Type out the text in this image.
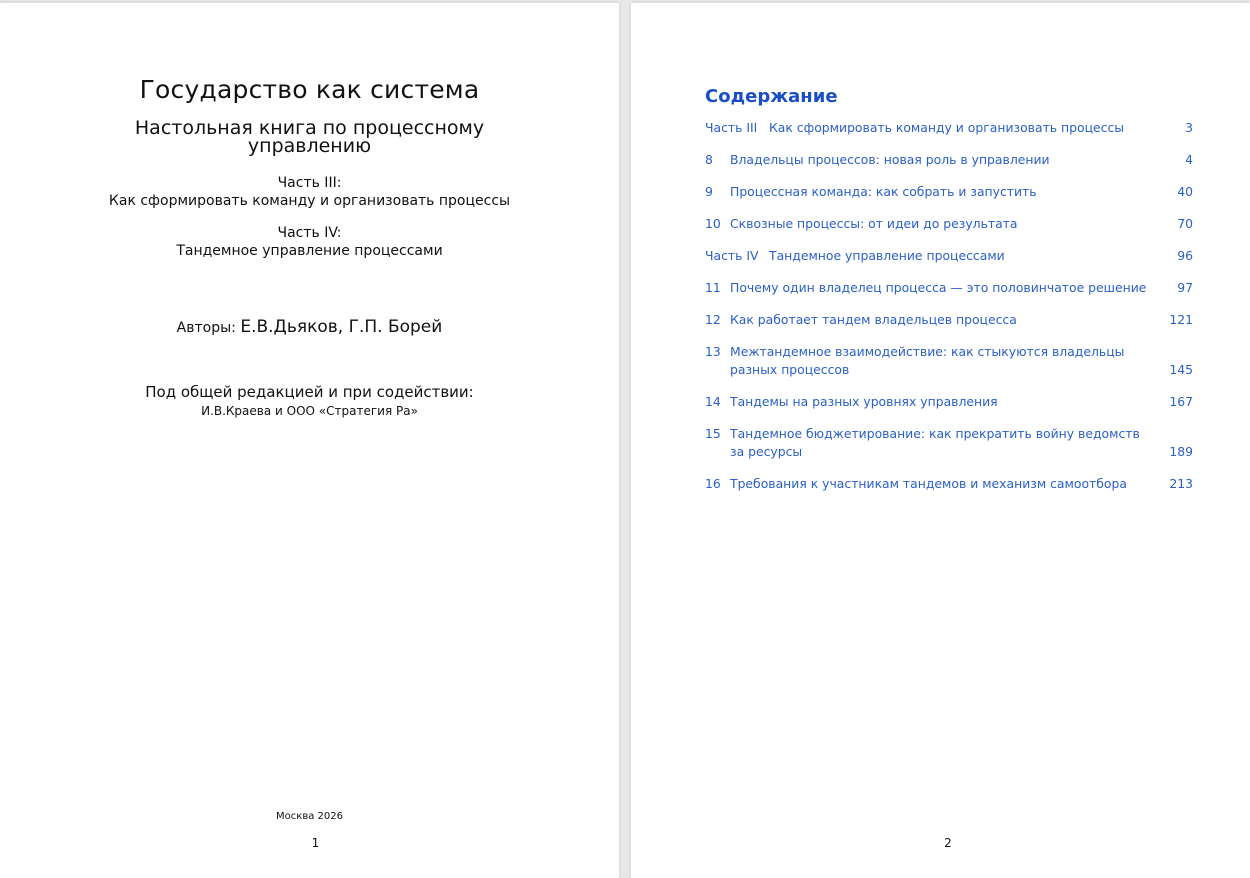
Государство как система
Настольная книга по процессному управлению
Часть III:
Как сформировать команду и организовать процессы
Часть IV:
Тандемное управление процессами
Авторы: Е.В.Дьяков, Г.П. Борей
Под общей редакцией и при содействии:
И.В.Краева и ООО «Стратегия Ра»
Москва 2026
1
Содержание
Часть III Как сформировать команду и организовать процессы	3
8	Владельцы процессов: новая роль в управлении	4
9	Процессная команда: как собрать и запустить	40
10 Сквозные процессы: от идеи до результата	70
Часть IV Тандемное управление процессами	96
11 Почему один владелец процесса — это половинчатое решение	97
12 Как работает тандем владельцев процесса	121
13 Межтандемное взаимодействие: как стыкуются владельцы разных процессов	145
14 Тандемы на разных уровнях управления	167
15 Тандемное бюджетирование: как прекратить войну ведомств за ресурсы	189
16 Требования к участникам тандемов и механизм самоотбора	213
2
